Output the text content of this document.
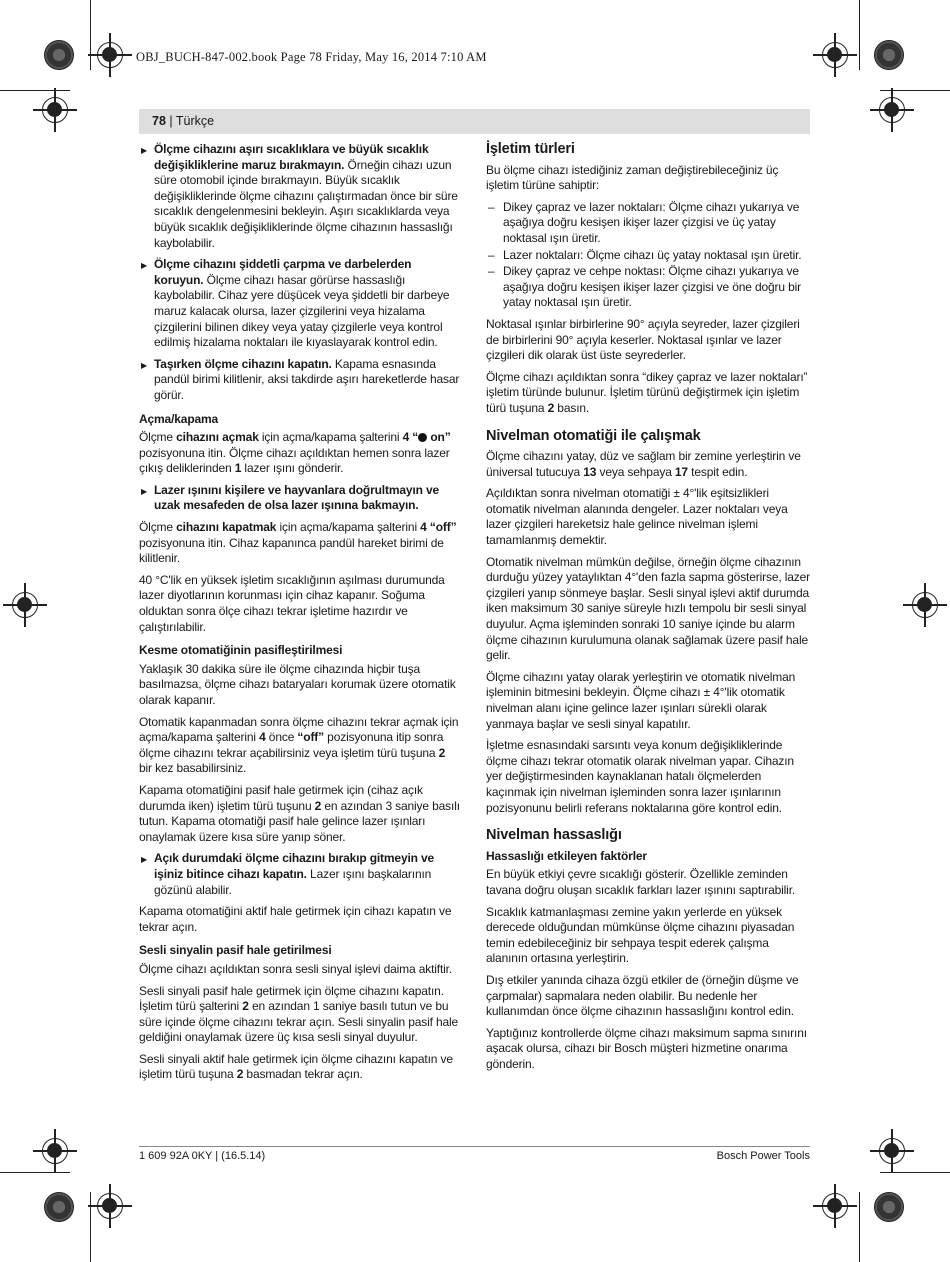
OBJ_BUCH-847-002.book Page 78 Friday, May 16, 2014 7:10 AM
78 | Türkçe
▶ Ölçme cihazını aşırı sıcaklıklara ve büyük sıcaklık değişikliklerine maruz bırakmayın. Örneğin cihazı uzun süre otomobil içinde bırakmayın. Büyük sıcaklık değişikliklerinde ölçme cihazını çalıştırmadan önce bir süre sıcaklık dengelenmesini bekleyin. Aşırı sıcaklıklarda veya büyük sıcaklık değişikliklerinde ölçme cihazının hassaslığı kaybolabilir.
▶ Ölçme cihazını şiddetli çarpma ve darbelerden koruyun. Ölçme cihazı hasar görürse hassaslığı kaybolabilir. Cihaz yere düşücek veya şiddetli bir darbeye maruz kalacak olursa, lazer çizgilerini veya hizalama çizgilerini bilinen dikey veya yatay çizgilerle veya kontrol edilmiş hizalama noktaları ile kıyaslayarak kontrol edin.
▶ Taşırken ölçme cihazını kapatın. Kapama esnasında pandül birimi kilitlenir, aksi takdirde aşırı hareketlerde hasar görür.
Açma/kapama

Ölçme cihazını açmak için açma/kapama şalterini 4 “ on” pozisyonuna itin. Ölçme cihazı açıldıktan hemen sonra lazer çıkış deliklerinden 1 lazer ışını gönderir.

▶ Lazer ışınını kişilere ve hayvanlara doğrultmayın ve uzak mesafeden de olsa lazer ışınına bakmayın.

Ölçme cihazını kapatmak için açma/kapama şalterini 4 “off” pozisyonuna itin. Cihaz kapanınca pandül hareket birimi de kilitlenir.

40 °C'lik en yüksek işletim sıcaklığının aşılması durumunda lazer diyotlarının korunması için cihaz kapanır. Soğuma olduktan sonra ölçe cihazı tekrar işletime hazırdır ve çalıştırılabilir.

Kesme otomatiğinin pasifleştirilmesi

Yaklaşık 30 dakika süre ile ölçme cihazında hiçbir tuşa basılmazsa, ölçme cihazı bataryaları korumak üzere otomatik olarak kapanır.

Otomatik kapanmadan sonra ölçme cihazını tekrar açmak için açma/kapama şalterini 4 önce “off” pozisyonuna itip sonra ölçme cihazını tekrar açabilirsiniz veya işletim türü tuşuna 2 bir kez basabilirsiniz.

Kapama otomatiğini pasif hale getirmek için (cihaz açık durumda iken) işletim türü tuşunu 2 en azından 3 saniye basılı tutun. Kapama otomatiği pasif hale gelince lazer ışınları onaylamak üzere kısa süre yanıp söner.

▶ Açık durumdaki ölçme cihazını bırakıp gitmeyin ve işiniz bitince cihazı kapatın. Lazer ışını başkalarının gözünü alabilir.

Kapama otomatiğini aktif hale getirmek için cihazı kapatın ve tekrar açın.

Sesli sinyalin pasif hale getirilmesi

Ölçme cihazı açıldıktan sonra sesli sinyal işlevi daima aktiftir.

Sesli sinyali pasif hale getirmek için ölçme cihazını kapatın. İşletim türü şalterini 2 en azından 1 saniye basılı tutun ve bu süre içinde ölçme cihazını tekrar açın. Sesli sinyalin pasif hale geldiğini onaylamak üzere üç kısa sesli sinyal duyulur.

Sesli sinyali aktif hale getirmek için ölçme cihazını kapatın ve işletim türü tuşuna 2 basmadan tekrar açın.

İşletim türleri

Bu ölçme cihazı istediğiniz zaman değiştirebileceğiniz üç işletim türüne sahiptir:

– Dikey çapraz ve lazer noktaları: Ölçme cihazı yukarıya ve aşağıya doğru kesişen ikişer lazer çizgisi ve üç yatay noktasal ışın üretir.
– Lazer noktaları: Ölçme cihazı üç yatay noktasal ışın üretir.
– Dikey çapraz ve cehpe noktası: Ölçme cihazı yukarıya ve aşağıya doğru kesişen ikişer lazer çizgisi ve öne doğru bir yatay noktasal ışın üretir.

Noktasal ışınlar birbirlerine 90° açıyla seyreder, lazer çizgileri de birbirlerini 90° açıyla keserler. Noktasal ışınlar ve lazer çizgileri dik olarak üst üste seyrederler.

Ölçme cihazı açıldıktan sonra “dikey çapraz ve lazer noktaları” işletim türünde bulunur. İşletim türünü değiştirmek için işletim türü tuşuna 2 basın.

Nivelman otomatiği ile çalışmak

Ölçme cihazını yatay, düz ve sağlam bir zemine yerleştirin ve üniversal tutucuya 13 veya sehpaya 17 tespit edin.

Açıldıktan sonra nivelman otomatiği ± 4°'lik eşitsizlikleri otomatik nivelman alanında dengeler. Lazer noktaları veya lazer çizgileri hareketsiz hale gelince nivelman işlemi tamamlanmış demektir.

Otomatik nivelman mümkün değilse, örneğin ölçme cihazının durduğu yüzey yataylıktan 4°'den fazla sapma gösterirse, lazer çizgileri yanıp sönmeye başlar. Sesli sinyal işlevi aktif durumda iken maksimum 30 saniye süreyle hızlı tempolu bir sesli sinyal duyulur. Açma işleminden sonraki 10 saniye içinde bu alarm ölçme cihazının kurulumuna olanak sağlamak üzere pasif hale gelir.

Ölçme cihazını yatay olarak yerleştirin ve otomatik nivelman işleminin bitmesini bekleyin. Ölçme cihazı ± 4°'lik otomatik nivelman alanı içine gelince lazer ışınları sürekli olarak yanmaya başlar ve sesli sinyal kapatılır.

İşletme esnasındaki sarsıntı veya konum değişikliklerinde ölçme cihazı tekrar otomatik olarak nivelman yapar. Cihazın yer değiştirmesinden kaynaklanan hatalı ölçmelerden kaçınmak için nivelman işleminden sonra lazer ışınlarının pozisyonunu belirli referans noktalarına göre kontrol edin.

Nivelman hassaslığı
Hassaslığı etkileyen faktörler

En büyük etkiyi çevre sıcaklığı gösterir. Özellikle zeminden tavana doğru oluşan sıcaklık farkları lazer ışınını saptırabilir.

Sıcaklık katmanlaşması zemine yakın yerlerde en yüksek derecede olduğundan mümkünse ölçme cihazını piyasadan temin edebileceğiniz bir sehpaya tespit ederek çalışma alanının ortasına yerleştirin.

Dış etkiler yanında cihaza özgü etkiler de (örneğin düşme ve çarpmalar) sapmalara neden olabilir. Bu nedenle her kullanımdan önce ölçme cihazının hassaslığını kontrol edin.

Yaptığınız kontrollerde ölçme cihazı maksimum sapma sınırını aşacak olursa, cihazı bir Bosch müşteri hizmetine onarıma gönderin.

1 609 92A 0KY | (16.5.14)	Bosch Power Tools
